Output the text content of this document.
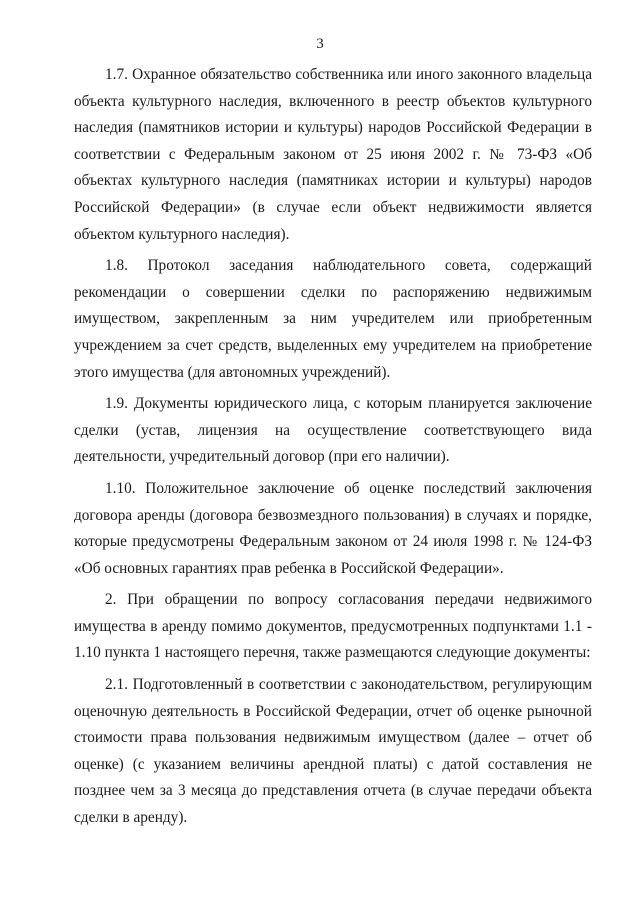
3

1.7. Охранное обязательство собственника или иного законного владельца объекта культурного наследия, включенного в реестр объектов культурного наследия (памятников истории и культуры) народов Российской Федерации в соответствии с Федеральным законом от 25 июня 2002 г. № 73-ФЗ «Об объектах культурного наследия (памятниках истории и культуры) народов Российской Федерации» (в случае если объект недвижимости является объектом культурного наследия).

1.8. Протокол заседания наблюдательного совета, содержащий рекомендации о совершении сделки по распоряжению недвижимым имуществом, закрепленным за ним учредителем или приобретенным учреждением за счет средств, выделенных ему учредителем на приобретение этого имущества (для автономных учреждений).

1.9. Документы юридического лица, с которым планируется заключение сделки (устав, лицензия на осуществление соответствующего вида деятельности, учредительный договор (при его наличии).

1.10. Положительное заключение об оценке последствий заключения договора аренды (договора безвозмездного пользования) в случаях и порядке, которые предусмотрены Федеральным законом от 24 июля 1998 г. № 124-ФЗ «Об основных гарантиях прав ребенка в Российской Федерации».

2. При обращении по вопросу согласования передачи недвижимого имущества в аренду помимо документов, предусмотренных подпунктами 1.1 - 1.10 пункта 1 настоящего перечня, также размещаются следующие документы:

2.1. Подготовленный в соответствии с законодательством, регулирующим оценочную деятельность в Российской Федерации, отчет об оценке рыночной стоимости права пользования недвижимым имуществом (далее – отчет об оценке) (с указанием величины арендной платы) с датой составления не позднее чем за 3 месяца до представления отчета (в случае передачи объекта сделки в аренду).
